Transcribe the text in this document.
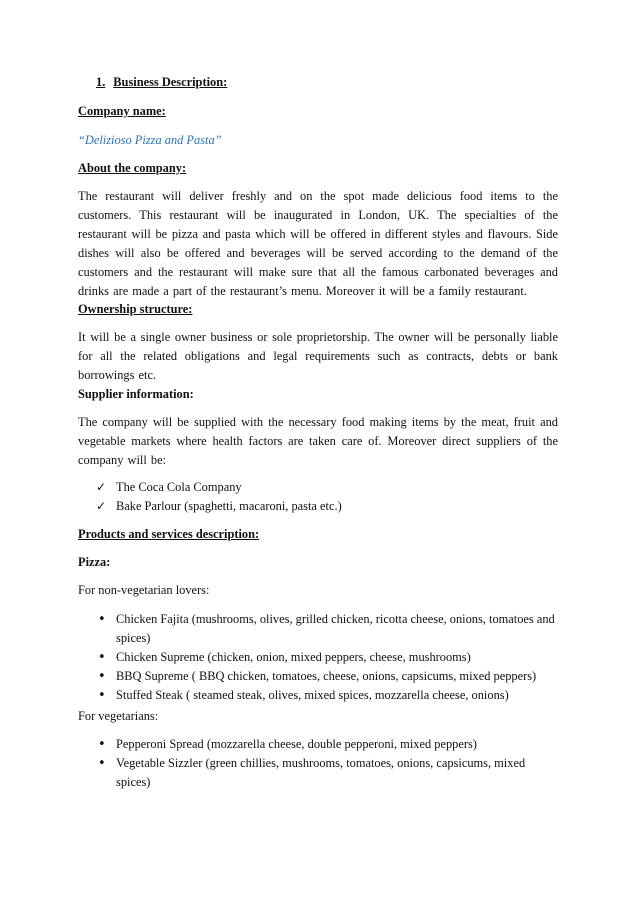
1. Business Description:

Company name:

“Delizioso Pizza and Pasta”

About the company:

The restaurant will deliver freshly and on the spot made delicious food items to the customers. This restaurant will be inaugurated in London, UK. The specialties of the restaurant will be pizza and pasta which will be offered in different styles and flavours. Side dishes will also be offered and beverages will be served according to the demand of the customers and the restaurant will make sure that all the famous carbonated beverages and drinks are made a part of the restaurant’s menu. Moreover it will be a family restaurant.

Ownership structure:

It will be a single owner business or sole proprietorship. The owner will be personally liable for all the related obligations and legal requirements such as contracts, debts or bank borrowings etc.

Supplier information:

The company will be supplied with the necessary food making items by the meat, fruit and vegetable markets where health factors are taken care of. Moreover direct suppliers of the company will be:

✓ The Coca Cola Company
✓ Bake Parlour (spaghetti, macaroni, pasta etc.)

Products and services description:

Pizza:

For non-vegetarian lovers:

• Chicken Fajita (mushrooms, olives, grilled chicken, ricotta cheese, onions, tomatoes and spices)
• Chicken Supreme (chicken, onion, mixed peppers, cheese, mushrooms)
• BBQ Supreme ( BBQ chicken, tomatoes, cheese, onions, capsicums, mixed peppers)
• Stuffed Steak ( steamed steak, olives, mixed spices, mozzarella cheese, onions)

For vegetarians:

• Pepperoni Spread (mozzarella cheese, double pepperoni, mixed peppers)
• Vegetable Sizzler (green chillies, mushrooms, tomatoes, onions, capsicums, mixed spices)
